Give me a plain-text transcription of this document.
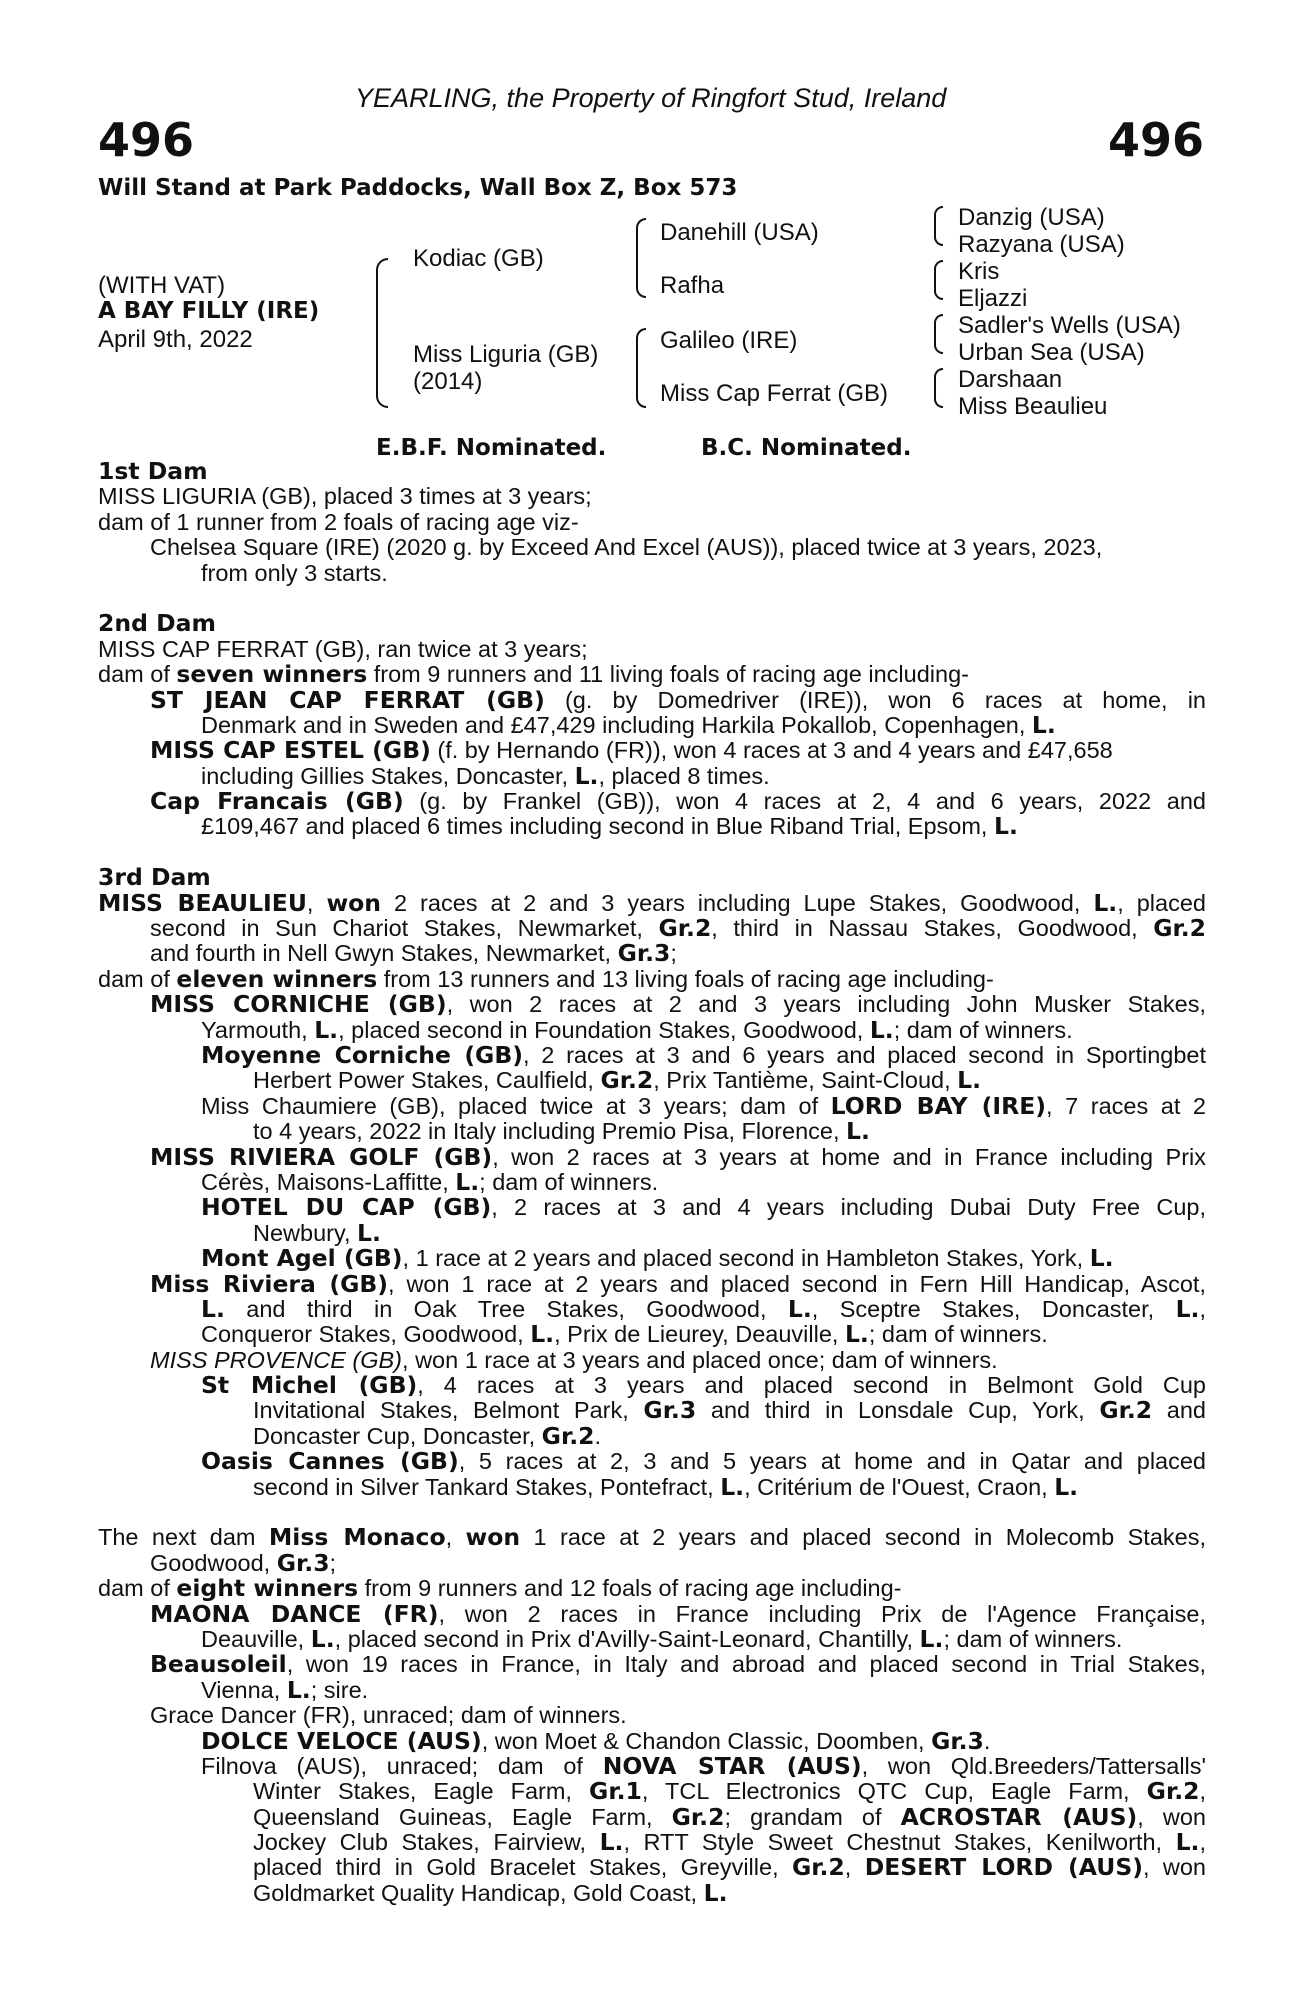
YEARLING, the Property of Ringfort Stud, Ireland
496	496
Will Stand at Park Paddocks, Wall Box Z, Box 573
(WITH VAT)
A BAY FILLY (IRE)
April 9th, 2022
Kodiac (GB)
Miss Liguria (GB)
(2014)
Danehill (USA)
Rafha
Galileo (IRE)
Miss Cap Ferrat (GB)
Danzig (USA)
Razyana (USA)
Kris
Eljazzi
Sadler's Wells (USA)
Urban Sea (USA)
Darshaan
Miss Beaulieu
E.B.F. Nominated.	B.C. Nominated.
1st Dam
MISS LIGURIA (GB), placed 3 times at 3 years;
dam of 1 runner from 2 foals of racing age viz-
Chelsea Square (IRE) (2020 g. by Exceed And Excel (AUS)), placed twice at 3 years, 2023,
from only 3 starts.
2nd Dam
MISS CAP FERRAT (GB), ran twice at 3 years;
dam of seven winners from 9 runners and 11 living foals of racing age including-
ST JEAN CAP FERRAT (GB) (g. by Domedriver (IRE)), won 6 races at home, in
Denmark and in Sweden and £47,429 including Harkila Pokallob, Copenhagen, L.
MISS CAP ESTEL (GB) (f. by Hernando (FR)), won 4 races at 3 and 4 years and £47,658
including Gillies Stakes, Doncaster, L., placed 8 times.
Cap Francais (GB) (g. by Frankel (GB)), won 4 races at 2, 4 and 6 years, 2022 and
£109,467 and placed 6 times including second in Blue Riband Trial, Epsom, L.
3rd Dam
MISS BEAULIEU, won 2 races at 2 and 3 years including Lupe Stakes, Goodwood, L., placed
second in Sun Chariot Stakes, Newmarket, Gr.2, third in Nassau Stakes, Goodwood, Gr.2
and fourth in Nell Gwyn Stakes, Newmarket, Gr.3;
dam of eleven winners from 13 runners and 13 living foals of racing age including-
MISS CORNICHE (GB), won 2 races at 2 and 3 years including John Musker Stakes,
Yarmouth, L., placed second in Foundation Stakes, Goodwood, L.; dam of winners.
Moyenne Corniche (GB), 2 races at 3 and 6 years and placed second in Sportingbet
Herbert Power Stakes, Caulfield, Gr.2, Prix Tantième, Saint-Cloud, L.
Miss Chaumiere (GB), placed twice at 3 years; dam of LORD BAY (IRE), 7 races at 2
to 4 years, 2022 in Italy including Premio Pisa, Florence, L.
MISS RIVIERA GOLF (GB), won 2 races at 3 years at home and in France including Prix
Cérès, Maisons-Laffitte, L.; dam of winners.
HOTEL DU CAP (GB), 2 races at 3 and 4 years including Dubai Duty Free Cup,
Newbury, L.
Mont Agel (GB), 1 race at 2 years and placed second in Hambleton Stakes, York, L.
Miss Riviera (GB), won 1 race at 2 years and placed second in Fern Hill Handicap, Ascot,
L. and third in Oak Tree Stakes, Goodwood, L., Sceptre Stakes, Doncaster, L.,
Conqueror Stakes, Goodwood, L., Prix de Lieurey, Deauville, L.; dam of winners.
MISS PROVENCE (GB), won 1 race at 3 years and placed once; dam of winners.
St Michel (GB), 4 races at 3 years and placed second in Belmont Gold Cup
Invitational Stakes, Belmont Park, Gr.3 and third in Lonsdale Cup, York, Gr.2 and
Doncaster Cup, Doncaster, Gr.2.
Oasis Cannes (GB), 5 races at 2, 3 and 5 years at home and in Qatar and placed
second in Silver Tankard Stakes, Pontefract, L., Critérium de l'Ouest, Craon, L.
The next dam Miss Monaco, won 1 race at 2 years and placed second in Molecomb Stakes,
Goodwood, Gr.3;
dam of eight winners from 9 runners and 12 foals of racing age including-
MAONA DANCE (FR), won 2 races in France including Prix de l'Agence Française,
Deauville, L., placed second in Prix d'Avilly-Saint-Leonard, Chantilly, L.; dam of winners.
Beausoleil, won 19 races in France, in Italy and abroad and placed second in Trial Stakes,
Vienna, L.; sire.
Grace Dancer (FR), unraced; dam of winners.
DOLCE VELOCE (AUS), won Moet & Chandon Classic, Doomben, Gr.3.
Filnova (AUS), unraced; dam of NOVA STAR (AUS), won Qld.Breeders/Tattersalls'
Winter Stakes, Eagle Farm, Gr.1, TCL Electronics QTC Cup, Eagle Farm, Gr.2,
Queensland Guineas, Eagle Farm, Gr.2; grandam of ACROSTAR (AUS), won
Jockey Club Stakes, Fairview, L., RTT Style Sweet Chestnut Stakes, Kenilworth, L.,
placed third in Gold Bracelet Stakes, Greyville, Gr.2, DESERT LORD (AUS), won
Goldmarket Quality Handicap, Gold Coast, L.
